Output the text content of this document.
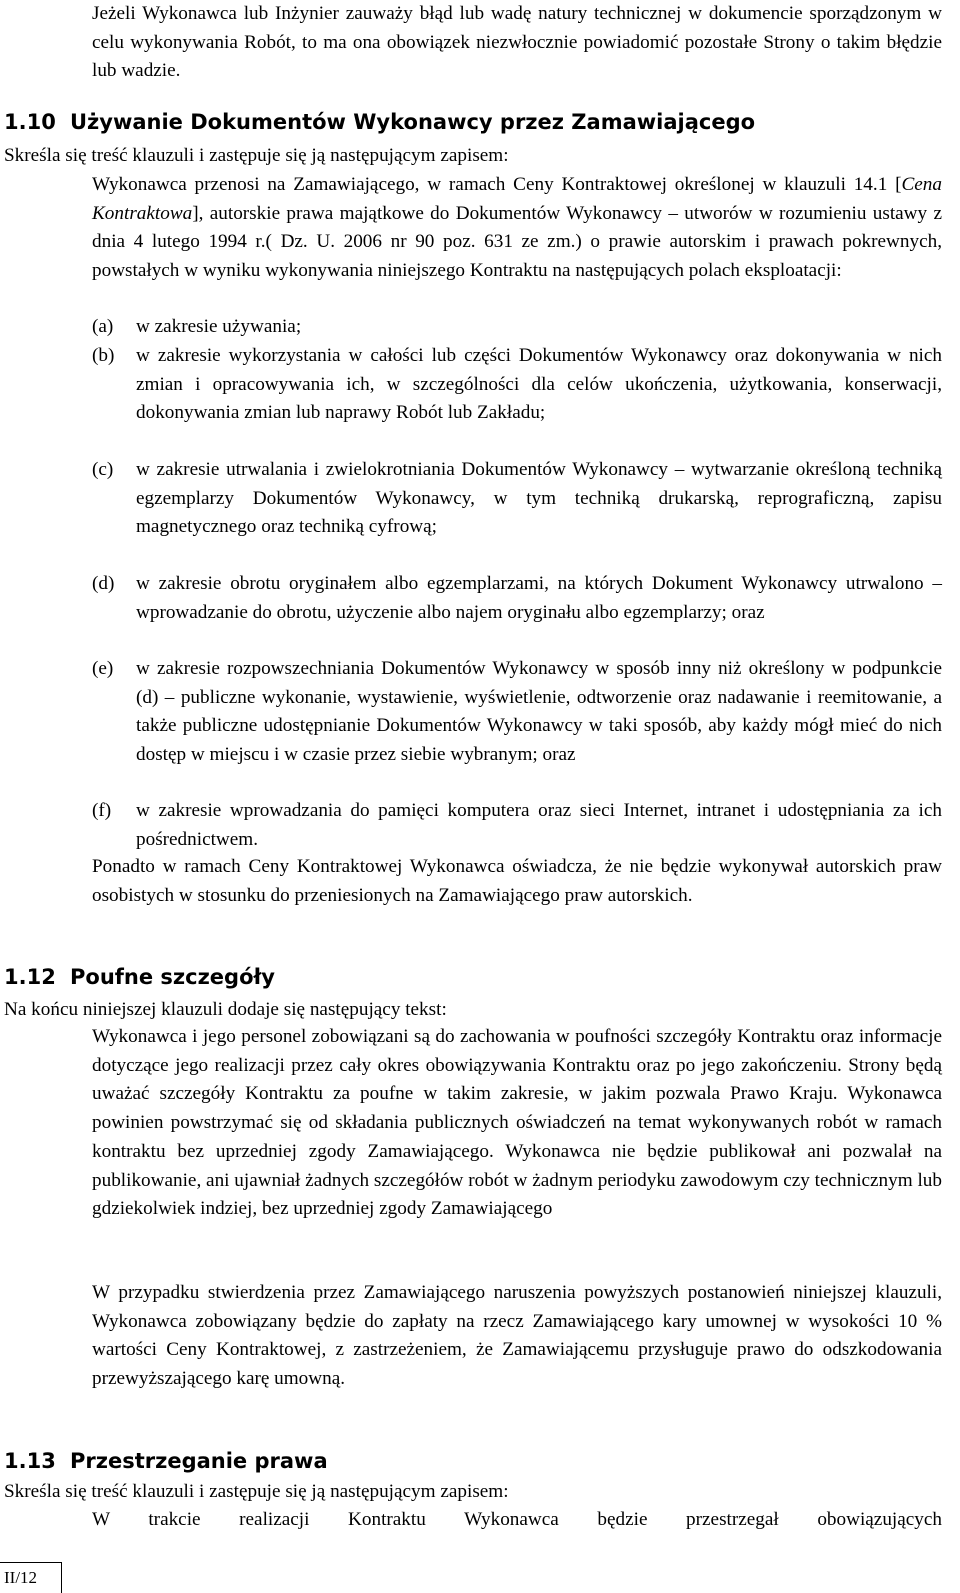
Jeżeli Wykonawca lub Inżynier zauważy błąd lub wadę natury technicznej w dokumencie sporządzonym w celu wykonywania Robót, to ma ona obowiązek niezwłocznie powiadomić pozostałe Strony o takim błędzie lub wadzie.

1.10 Używanie Dokumentów Wykonawcy przez Zamawiającego

Skreśla się treść klauzuli i zastępuje się ją następującym zapisem:

Wykonawca przenosi na Zamawiającego, w ramach Ceny Kontraktowej określonej w klauzuli 14.1 [Cena Kontraktowa], autorskie prawa majątkowe do Dokumentów Wykonawcy – utworów w rozumieniu ustawy z dnia 4 lutego 1994 r.( Dz. U. 2006 nr 90 poz. 631 ze zm.) o prawie autorskim i prawach pokrewnych, powstałych w wyniku wykonywania niniejszego Kontraktu na następujących polach eksploatacji:

(a) w zakresie używania;
(b) w zakresie wykorzystania w całości lub części Dokumentów Wykonawcy oraz dokonywania w nich zmian i opracowywania ich, w szczególności dla celów ukończenia, użytkowania, konserwacji, dokonywania zmian lub naprawy Robót lub Zakładu;
(c) w zakresie utrwalania i zwielokrotniania Dokumentów Wykonawcy – wytwarzanie określoną techniką egzemplarzy Dokumentów Wykonawcy, w tym techniką drukarską, reprograficzną, zapisu magnetycznego oraz techniką cyfrową;
(d) w zakresie obrotu oryginałem albo egzemplarzami, na których Dokument Wykonawcy utrwalono – wprowadzanie do obrotu, użyczenie albo najem oryginału albo egzemplarzy; oraz
(e) w zakresie rozpowszechniania Dokumentów Wykonawcy w sposób inny niż określony w podpunkcie (d) – publiczne wykonanie, wystawienie, wyświetlenie, odtworzenie oraz nadawanie i reemitowanie, a także publiczne udostępnianie Dokumentów Wykonawcy w taki sposób, aby każdy mógł mieć do nich dostęp w miejscu i w czasie przez siebie wybranym; oraz
(f) w zakresie wprowadzania do pamięci komputera oraz sieci Internet, intranet i udostępniania za ich pośrednictwem.

Ponadto w ramach Ceny Kontraktowej Wykonawca oświadcza, że nie będzie wykonywał autorskich praw osobistych w stosunku do przeniesionych na Zamawiającego praw autorskich.

1.12 Poufne szczegóły

Na końcu niniejszej klauzuli dodaje się następujący tekst:

Wykonawca i jego personel zobowiązani są do zachowania w poufności szczegóły Kontraktu oraz informacje dotyczące jego realizacji przez cały okres obowiązywania Kontraktu oraz po jego zakończeniu. Strony będą uważać szczegóły Kontraktu za poufne w takim zakresie, w jakim pozwala Prawo Kraju. Wykonawca powinien powstrzymać się od składania publicznych oświadczeń na temat wykonywanych robót w ramach kontraktu bez uprzedniej zgody Zamawiającego. Wykonawca nie będzie publikował ani pozwalał na publikowanie, ani ujawniał żadnych szczegółów robót w żadnym periodyku zawodowym czy technicznym lub gdziekolwiek indziej, bez uprzedniej zgody Zamawiającego

W przypadku stwierdzenia przez Zamawiającego naruszenia powyższych postanowień niniejszej klauzuli, Wykonawca zobowiązany będzie do zapłaty na rzecz Zamawiającego kary umownej w wysokości 10 % wartości Ceny Kontraktowej, z zastrzeżeniem, że Zamawiającemu przysługuje prawo do odszkodowania przewyższającego karę umowną.

1.13 Przestrzeganie prawa

Skreśla się treść klauzuli i zastępuje się ją następującym zapisem:

W trakcie realizacji Kontraktu Wykonawca będzie przestrzegał obowiązujących

II/12
